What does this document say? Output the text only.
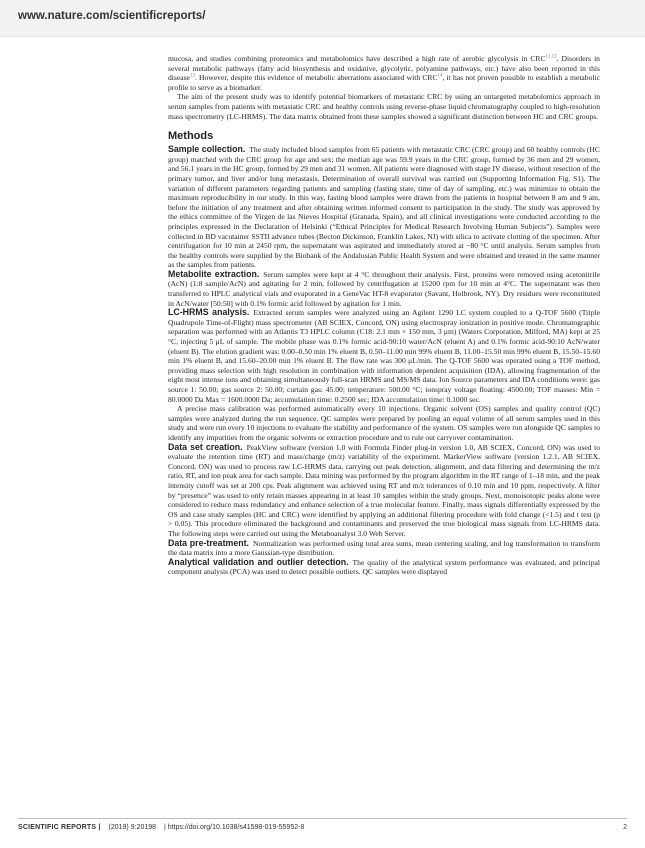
www.nature.com/scientificreports/

mucosa, and studies combining proteomics and metabolomics have described a high rate of aerobic glycolysis in CRC$^{11,12}$. Disorders in several metabolic pathways (fatty acid biosynthesis and oxidative, glycolytic, polyamine pathways, etc.) have also been reported in this disease$^{13}$. However, despite this evidence of metabolic aberrations associated with CRC$^{14}$, it has not proven possible to establish a metabolic profile to serve as a biomarker.

The aim of the present study was to identify potential biomarkers of metastatic CRC by using an untargeted metabolomics approach in serum samples from patients with metastatic CRC and healthy controls using reverse-phase liquid chromatography coupled to high-resolution mass spectrometry (LC-HRMS). The data matrix obtained from these samples showed a significant distinction between HC and CRC groups.

Methods

Sample collection. The study included blood samples from 65 patients with metastatic CRC (CRC group) and 60 healthy controls (HC group) matched with the CRC group for age and sex; the median age was 59.9 years in the CRC group, formed by 36 men and 29 women, and 56.1 years in the HC group, formed by 29 men and 31 women. All patients were diagnosed with stage IV disease, without resection of the primary tumor, and liver and/or lung metastasis. Determination of overall survival was carried out (Supporting Information Fig. S1). The variation of different parameters regarding patients and sampling (fasting state, time of day of sampling, etc.) was minimize to obtain the maximum reproducibility in our study. In this way, fasting blood samples were drawn from the patients in hospital between 8 am and 9 am, before the initiation of any treatment and after obtaining written informed consent to participation in the study. The study was approved by the ethics committee of the Virgen de las Nieves Hospital (Granada, Spain), and all clinical investigations were conducted according to the principles expressed in the Declaration of Helsinki (“Ethical Principles for Medical Research Involving Human Subjects”). Samples were collected in BD vacutainer SSTII advance tubes (Becton Dickinson, Franklin Lakes, NJ) with silica to activate clotting of the specimen. After centrifugation for 10 min at 2450 rpm, the supernatant was aspirated and immediately stored at −80 °C until analysis. Serum samples from the healthy controls were supplied by the Biobank of the Andalusian Public Health System and were obtained and treated in the same manner as the samples from patients.

Metabolite extraction. Serum samples were kept at 4 °C throughout their analysis. First, proteins were removed using acetonitrile (AcN) (1:8 sample/AcN) and agitating for 2 min, followed by centrifugation at 15200 rpm for 10 min at 4°C. The supernatant was then transferred to HPLC analytical vials and evaporated in a GeneVac HT-8 evaporator (Savant, Holbrook, NY). Dry residues were reconstituted in AcN/water [50:50] with 0.1% formic acid followed by agitation for 1 min.

LC-HRMS analysis. Extracted serum samples were analyzed using an Agilent 1290 LC system coupled to a Q-TOF 5600 (Triple Quadrupole Time-of-Flight) mass spectrometer (AB SCIEX, Concord, ON) using electrospray ionization in positive mode. Chromatographic separation was performed with an Atlantis T3 HPLC column (C18: 2.1 mm × 150 mm, 3 μm) (Waters Corporation, Milford, MA) kept at 25 °C, injecting 5 μL of sample. The mobile phase was 0.1% formic acid-90:10 water/AcN (eluent A) and 0.1% formic acid-90:10 AcN/water (eluent B). The elution gradient was: 0.00–0.50 min 1% eluent B, 0.50–11.00 min 99% eluent B, 11.00–15.50 min 99% eluent B, 15.50–15.60 min 1% eluent B, and 15.60–20.00 min 1% eluent B. The flow rate was 300 μL/min. The Q-TOF 5600 was operated using a TOF method, providing mass selection with high resolution in combination with information dependent acquisition (IDA), allowing fragmentation of the eight most intense ions and obtaining simultaneously full-scan HRMS and MS/MS data. Ion Source parameters and IDA conditions were: gas source 1: 50.00; gas source 2: 50.00; curtain gas: 45.00; temperature: 500.00 °C; ionspray voltage floating: 4500.00; TOF masses: Min = 80.0000 Da Max = 1600.0000 Da; accumulation time: 0.2500 sec; IDA accumulation time: 0.1000 sec.

A precise mass calibration was performed automatically every 10 injections. Organic solvent (OS) samples and quality control (QC) samples were analyzed during the run sequence. QC samples were prepared by pooling an equal volume of all serum samples used in this study and were run every 10 injections to evaluate the stability and performance of the system. OS samples were run alongside QC samples to identify any impurities from the organic solvents or extraction procedure and to rule out carryover contamination.

Data set creation. PeakView software (version 1.0 with Formula Finder plug-in version 1.0, AB SCIEX, Concord, ON) was used to evaluate the retention time (RT) and mass/charge (m/z) variability of the experiment. MarkerView software (version 1.2.1, AB SCIEX, Concord, ON) was used to process raw LC-HRMS data, carrying out peak detection, alignment, and data filtering and determining the m/z ratio, RT, and ion peak area for each sample. Data mining was performed by the program algorithm in the RT range of 1–18 min, and the peak intensity cutoff was set at 200 cps. Peak alignment was achieved using RT and m/z tolerances of 0.10 min and 10 ppm, respectively. A filter by “presence” was used to only retain masses appearing in at least 10 samples within the study groups. Next, monoisotopic peaks alone were considered to reduce mass redundancy and enhance selection of a true molecular feature. Finally, mass signals differentially expressed by the OS and case study samples (HC and CRC) were identified by applying an additional filtering procedure with fold change (<1.5) and t test (p > 0.05). This procedure eliminated the background and contaminants and preserved the true biological mass signals from LC-HRMS data. The following steps were carried out using the Metaboanalyst 3.0 Web Server.

Data pre-treatment. Normalization was performed using total area sums, mean centering scaling, and log transformation to transform the data matrix into a more Gaussian-type distribution.

Analytical validation and outlier detection. The quality of the analytical system performance was evaluated, and principal component analysis (PCA) was used to detect possible outliers. QC samples were displayed

SCIENTIFIC REPORTS | (2019) 9:20198 | https://doi.org/10.1038/s41598-019-55952-8	2
